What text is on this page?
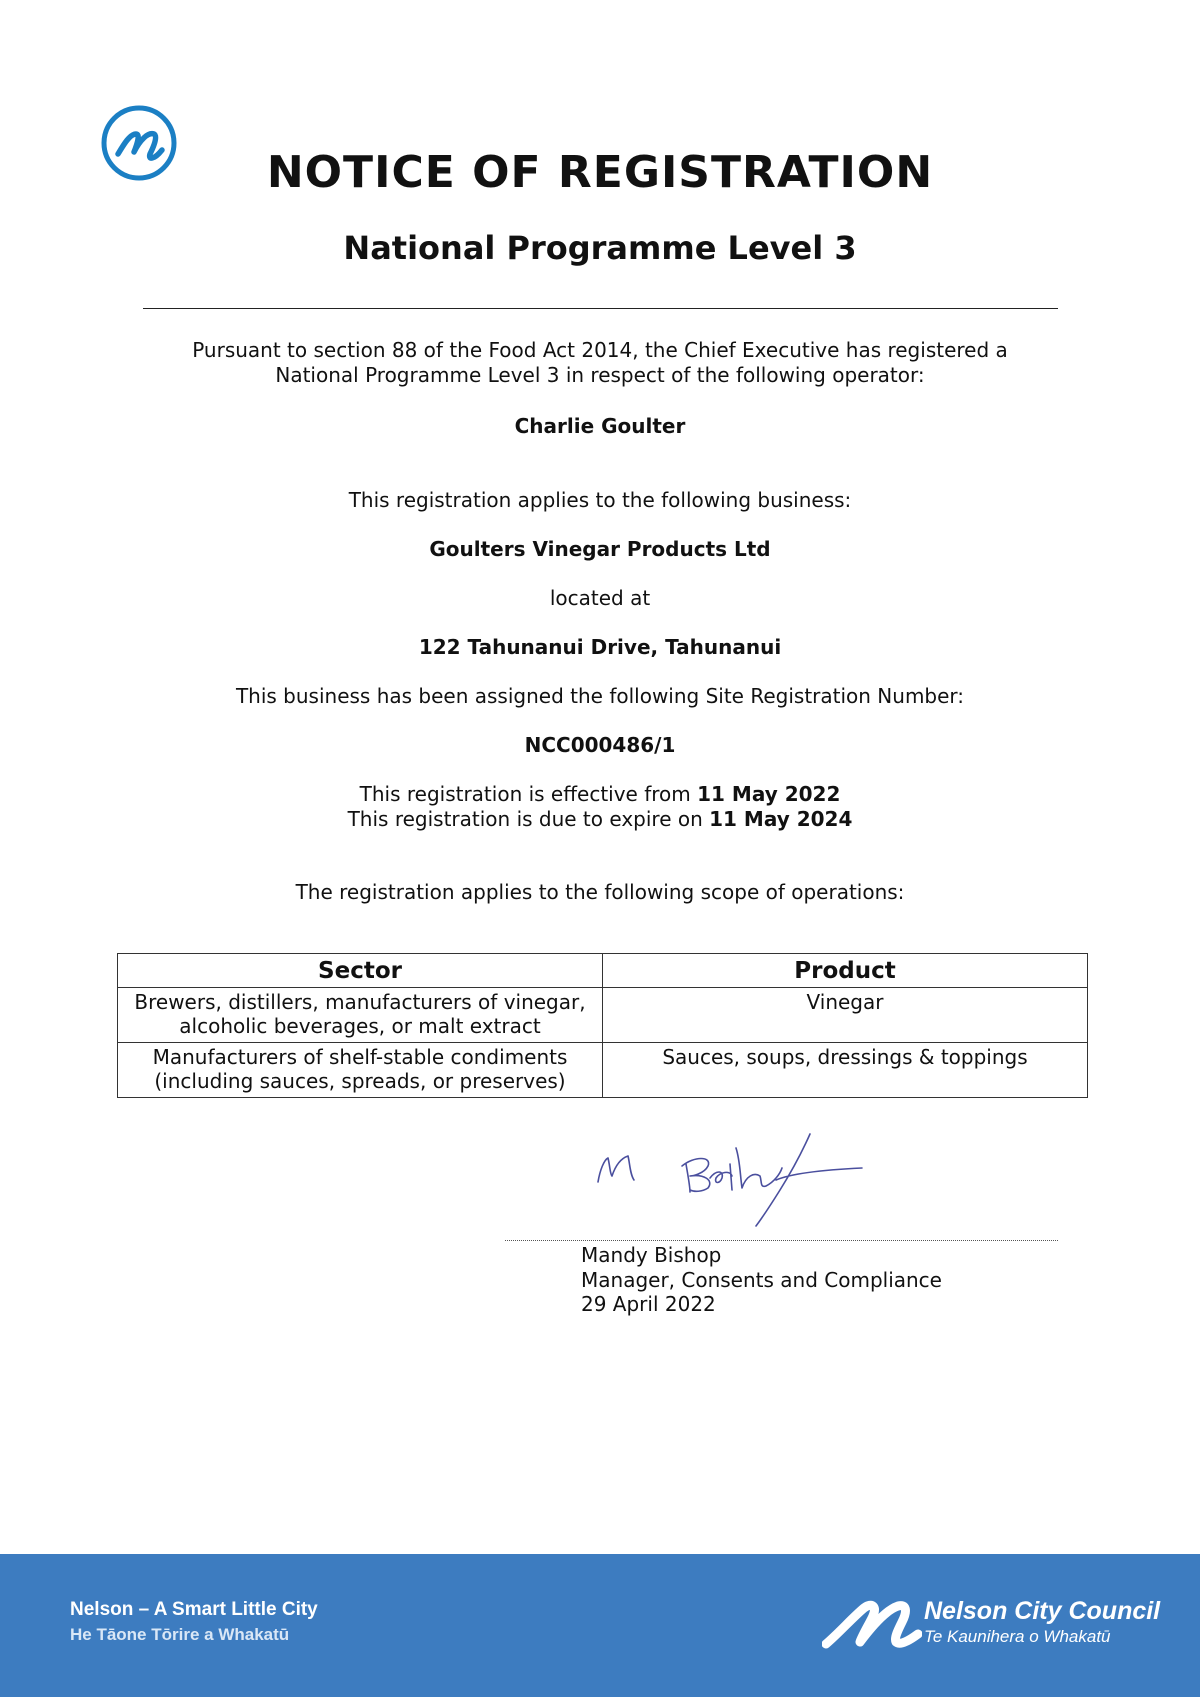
NOTICE OF REGISTRATION
National Programme Level 3
Pursuant to section 88 of the Food Act 2014, the Chief Executive has registered a
National Programme Level 3 in respect of the following operator:
Charlie Goulter
This registration applies to the following business:
Goulters Vinegar Products Ltd
located at
122 Tahunanui Drive, Tahunanui
This business has been assigned the following Site Registration Number:
NCC000486/1
This registration is effective from 11 May 2022
This registration is due to expire on 11 May 2024
The registration applies to the following scope of operations:
Sector	Product

Brewers, distillers, manufacturers of vinegar,
alcoholic beverages, or malt extract	Vinegar

Manufacturers of shelf-stable condiments
(including sauces, spreads, or preserves)	Sauces, soups, dressings & toppings
Mandy Bishop
Manager, Consents and Compliance
29 April 2022
Nelson – A Smart Little City
He Tāone Tōrire a Whakatū
Nelson City Council
Te Kaunihera o Whakatū
